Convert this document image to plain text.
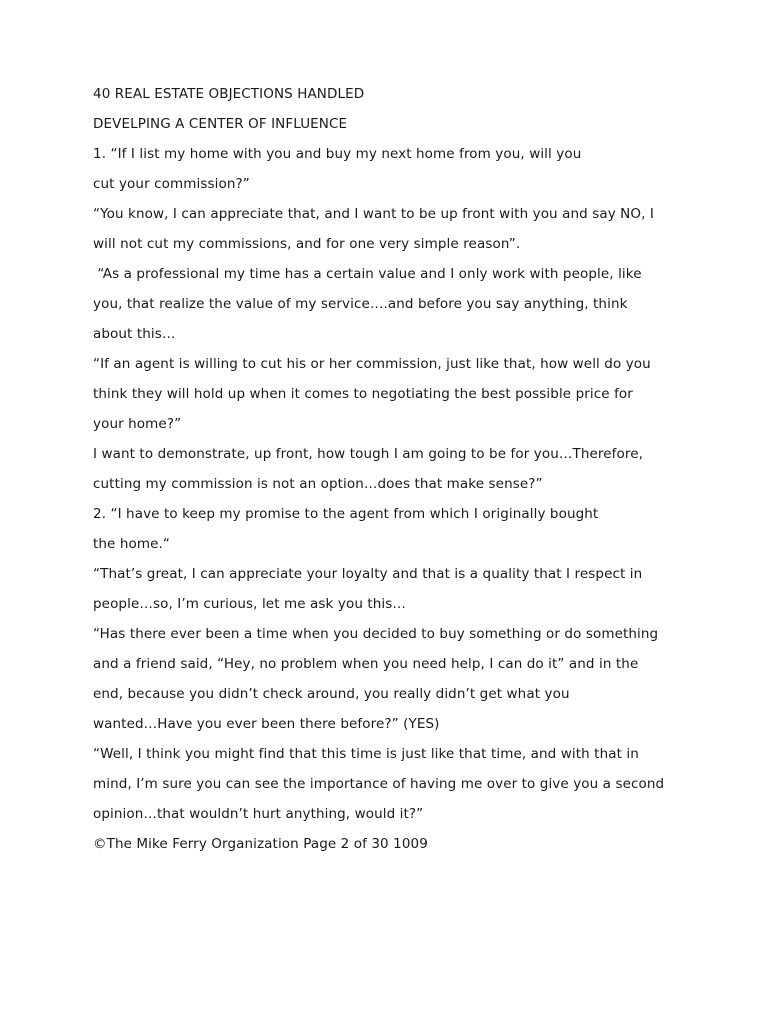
40 REAL ESTATE OBJECTIONS HANDLED

DEVELPING A CENTER OF INFLUENCE

1. “If I list my home with you and buy my next home from you, will you

cut your commission?”

“You know, I can appreciate that, and I want to be up front with you and say NO, I

will not cut my commissions, and for one very simple reason”.

“As a professional my time has a certain value and I only work with people, like

you, that realize the value of my service….and before you say anything, think

about this…

“If an agent is willing to cut his or her commission, just like that, how well do you

think they will hold up when it comes to negotiating the best possible price for

your home?”

I want to demonstrate, up front, how tough I am going to be for you…Therefore,

cutting my commission is not an option…does that make sense?”

2. “I have to keep my promise to the agent from which I originally bought

the home.“

“That’s great, I can appreciate your loyalty and that is a quality that I respect in

people…so, I’m curious, let me ask you this…

“Has there ever been a time when you decided to buy something or do something

and a friend said, “Hey, no problem when you need help, I can do it” and in the

end, because you didn’t check around, you really didn’t get what you

wanted…Have you ever been there before?” (YES)

“Well, I think you might find that this time is just like that time, and with that in

mind, I’m sure you can see the importance of having me over to give you a second

opinion…that wouldn’t hurt anything, would it?”

©The Mike Ferry Organization Page 2 of 30 1009
